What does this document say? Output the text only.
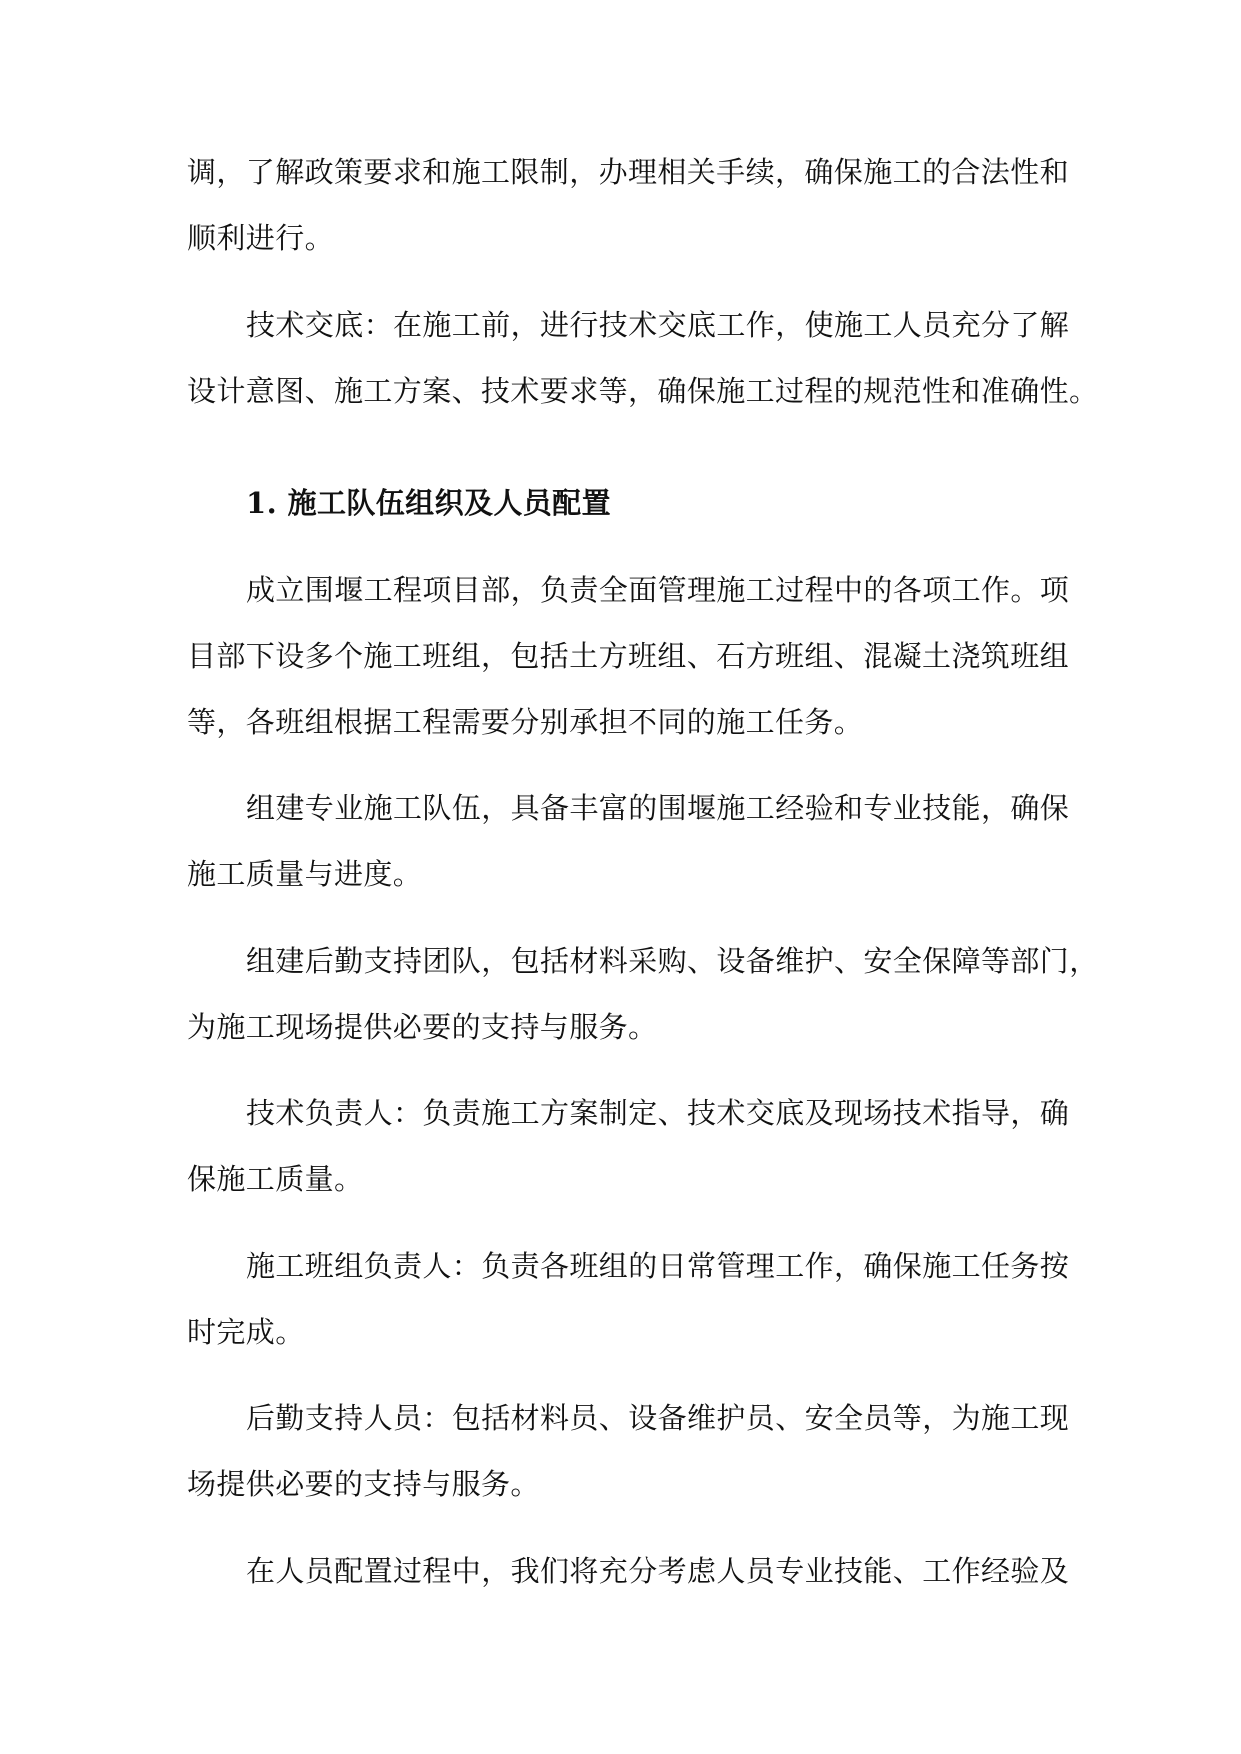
调，了解政策要求和施工限制，办理相关手续，确保施工的合法性和
顺利进行。
技术交底：在施工前，进行技术交底工作，使施工人员充分了解
设计意图、施工方案、技术要求等，确保施工过程的规范性和准确性。
1. 施工队伍组织及人员配置
成立围堰工程项目部，负责全面管理施工过程中的各项工作。项
目部下设多个施工班组，包括土方班组、石方班组、混凝土浇筑班组
等，各班组根据工程需要分别承担不同的施工任务。
组建专业施工队伍，具备丰富的围堰施工经验和专业技能，确保
施工质量与进度。
组建后勤支持团队，包括材料采购、设备维护、安全保障等部门，
为施工现场提供必要的支持与服务。
技术负责人：负责施工方案制定、技术交底及现场技术指导，确
保施工质量。
施工班组负责人：负责各班组的日常管理工作，确保施工任务按
时完成。
后勤支持人员：包括材料员、设备维护员、安全员等，为施工现
场提供必要的支持与服务。
在人员配置过程中，我们将充分考虑人员专业技能、工作经验及
